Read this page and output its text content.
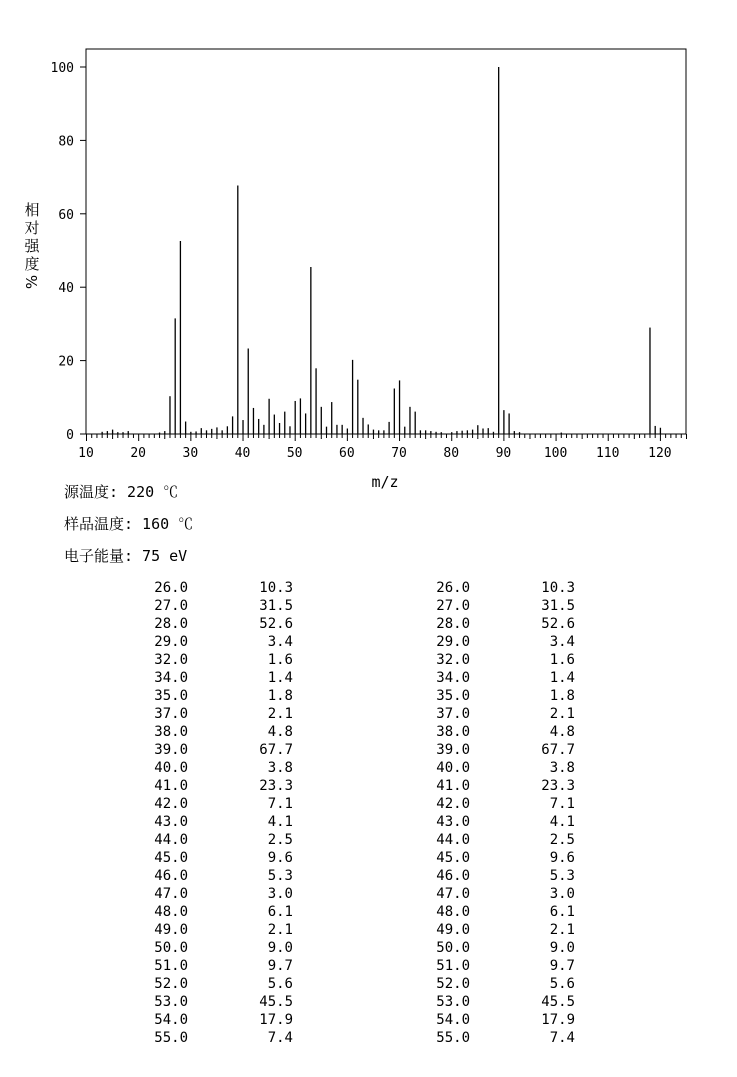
10	20	30	40	50	60	70	80	90	100 110 120
0
20
40
60
80
100
m/z
相
对
强
度
%
源温度: 220 ℃
样品温度: 160 ℃
电子能量: 75 eV
26.0	10.3
27.0	31.5
28.0	52.6
29.0	3.4
32.0	1.6
34.0	1.4
35.0	1.8
37.0	2.1
38.0	4.8
39.0	67.7
40.0	3.8
41.0	23.3
42.0	7.1
43.0	4.1
44.0	2.5
45.0	9.6
46.0	5.3
47.0	3.0
48.0	6.1
49.0	2.1
50.0	9.0
51.0	9.7
52.0	5.6
53.0	45.5
54.0	17.9
55.0	7.4
26.0	10.3
27.0	31.5
28.0	52.6
29.0	3.4
32.0	1.6
34.0	1.4
35.0	1.8
37.0	2.1
38.0	4.8
39.0	67.7
40.0	3.8
41.0	23.3
42.0	7.1
43.0	4.1
44.0	2.5
45.0	9.6
46.0	5.3
47.0	3.0
48.0	6.1
49.0	2.1
50.0	9.0
51.0	9.7
52.0	5.6
53.0	45.5
54.0	17.9
55.0	7.4
